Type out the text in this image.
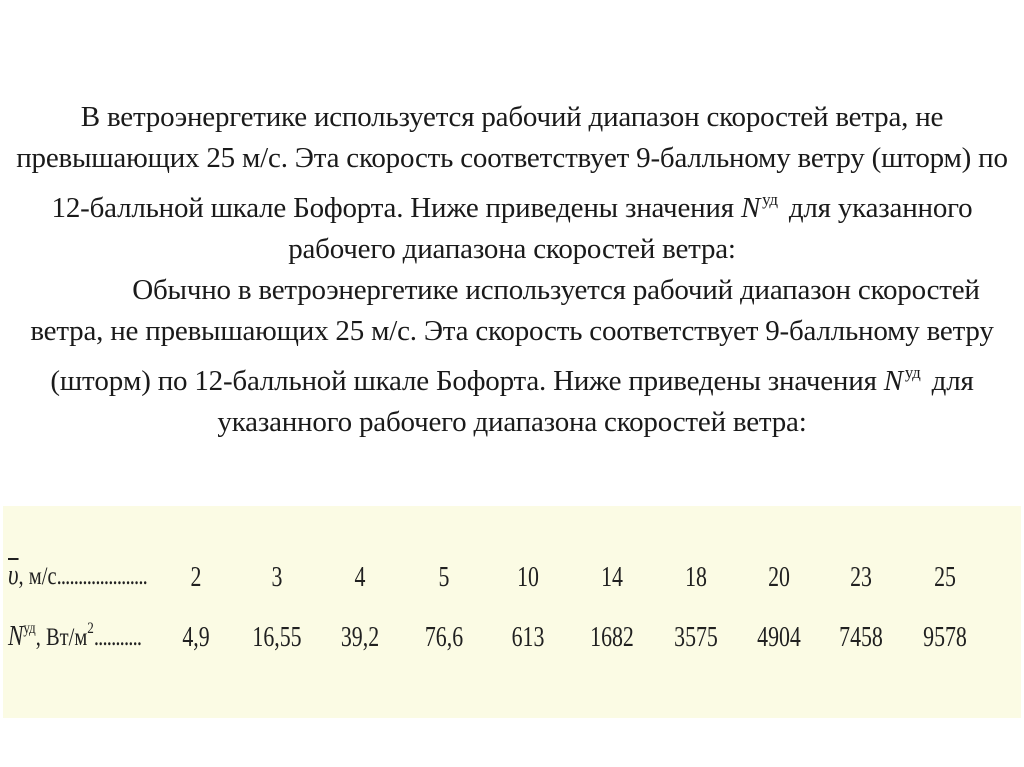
В ветроэнергетике используется рабочий диапазон скоростей ветра, не превышающих 25 м/с. Эта скорость соответствует 9-балльному ветру (шторм) по 12-балльной шкале Бофорта. Ниже приведены значения N $^{уд}$ для указанного рабочего диапазона скоростей ветра:

Обычно в ветроэнергетике используется рабочий диапазон скоростей ветра, не превышающих 25 м/с. Эта скорость соответствует 9-балльному ветру (штopм) по 12-балльной шкале Бофорта. Ниже приведены значения N $^{уд}$ для указанного рабочего диапазона скоростей ветра:

$\overline{\upsilon}$, м/с..................... 2	3	4	5 10 14 18 20 23 25
$N^{уд}$, $Вт/м^2$........... 4,9 16,55 39,2 76,6 613 1682 3575 4904 7458 9578
